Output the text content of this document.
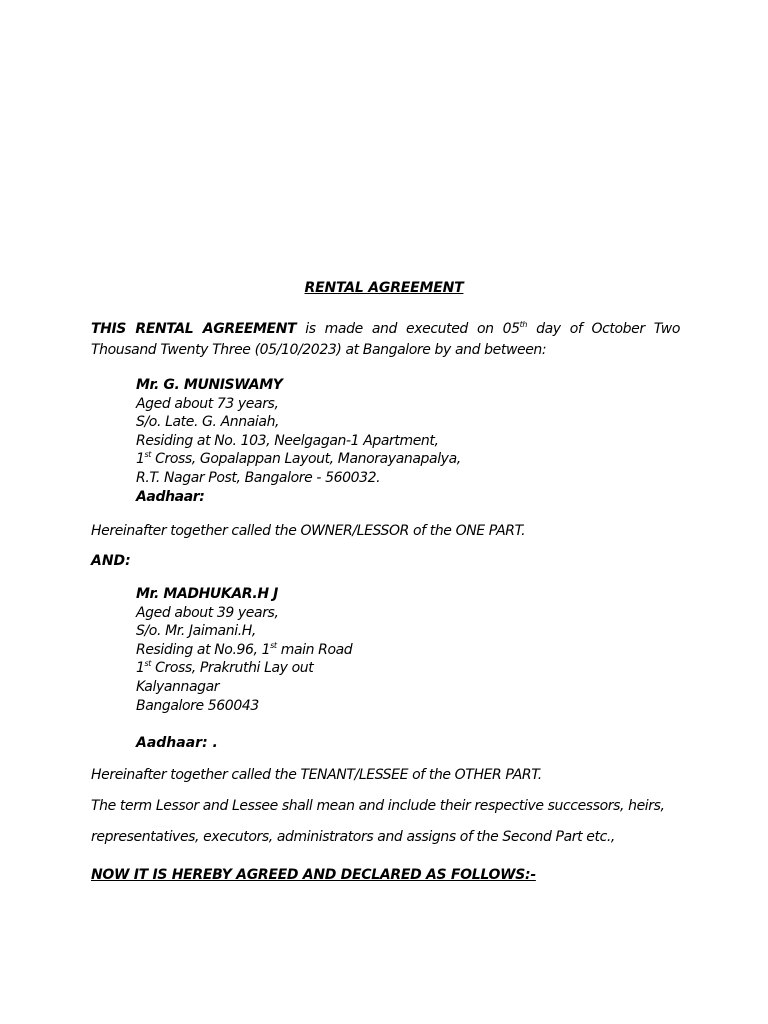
RENTAL AGREEMENT
THIS RENTAL AGREEMENT is made and executed on 05th day of October Two
Thousand Twenty Three (05/10/2023) at Bangalore by and between:
Mr. G. MUNISWAMY
Aged about 73 years,
S/o. Late. G. Annaiah,
Residing at No. 103, Neelgagan-1 Apartment,
1st Cross, Gopalappan Layout, Manorayanapalya,
R.T. Nagar Post, Bangalore - 560032.
Aadhaar:
Hereinafter together called the OWNER/LESSOR of the ONE PART.
AND:
Mr. MADHUKAR.H J
Aged about 39 years,
S/o. Mr. Jaimani.H,
Residing at No.96, 1st main Road
1st Cross, Prakruthi Lay out
Kalyannagar
Bangalore 560043
Aadhaar: .
Hereinafter together called the TENANT/LESSEE of the OTHER PART.
The term Lessor and Lessee shall mean and include their respective successors, heirs,
representatives, executors, administrators and assigns of the Second Part etc.,
NOW IT IS HEREBY AGREED AND DECLARED AS FOLLOWS:-
